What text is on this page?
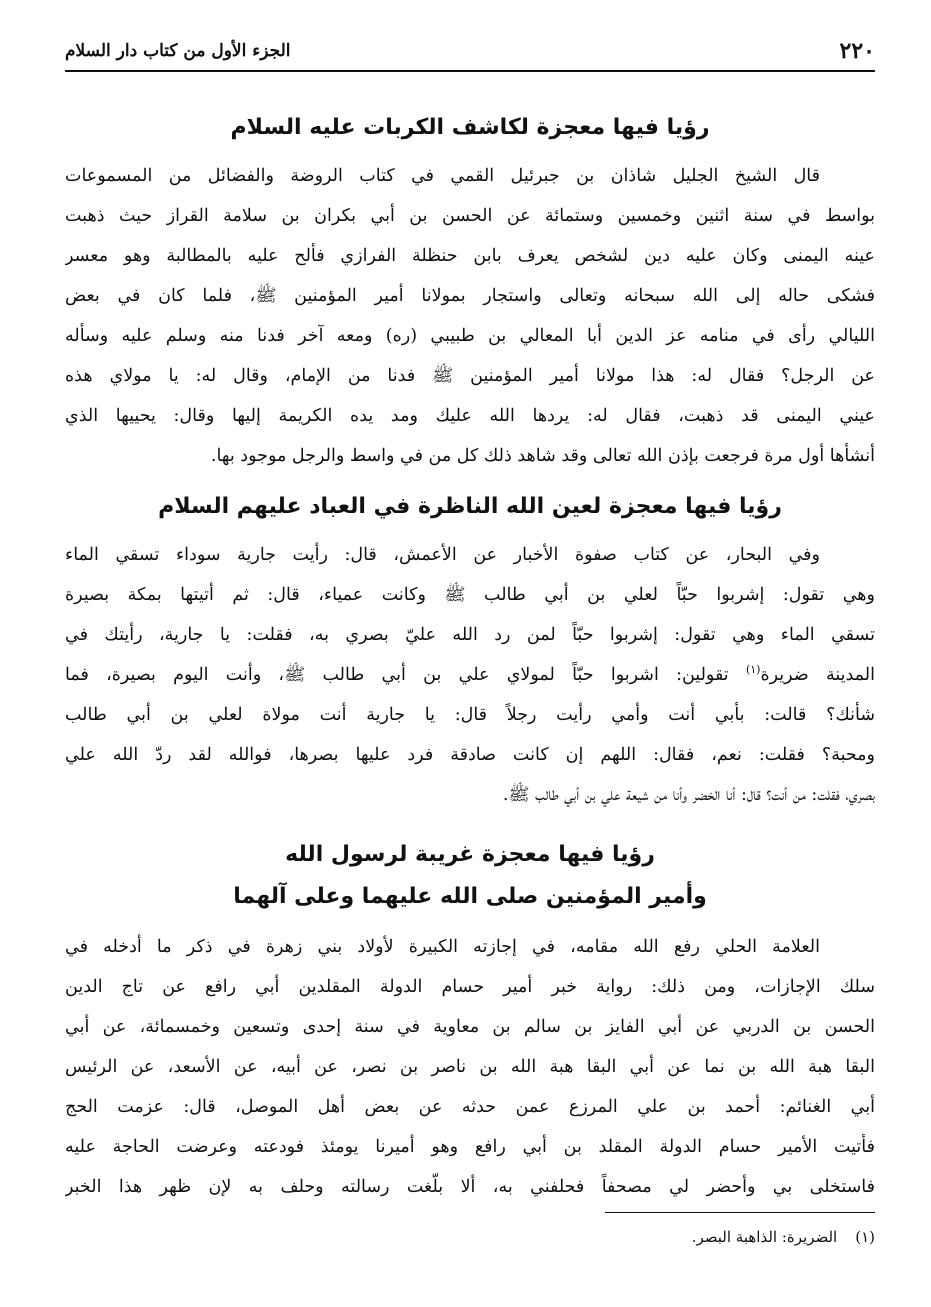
٢٢٠
الجزء الأول من كتاب دار السلام
رؤيا فيها معجزة لكاشف الكربات عليه السلام
قال الشيخ الجليل شاذان بن جبرئيل القمي في كتاب الروضة والفضائل من المسموعات
بواسط في سنة اثنين وخمسين وستمائة عن الحسن بن أبي بكران بن سلامة القراز حيث ذهبت
عينه اليمنى وكان عليه دين لشخص يعرف بابن حنظلة الفرازي فألح عليه بالمطالبة وهو معسر
فشكى حاله إلى الله سبحانه وتعالى واستجار بمولانا أمير المؤمنين ﷺ، فلما كان في بعض
الليالي رأى في منامه عز الدين أبا المعالي بن طبيبي (ره) ومعه آخر فدنا منه وسلم عليه وسأله
عن الرجل؟ فقال له: هذا مولانا أمير المؤمنين ﷺ فدنا من الإمام، وقال له: يا مولاي هذه
عيني اليمنى قد ذهبت، فقال له: يردها الله عليك ومد يده الكريمة إليها وقال: يحييها الذي
أنشأها أول مرة فرجعت بإذن الله تعالى وقد شاهد ذلك كل من في واسط والرجل موجود بها.
رؤيا فيها معجزة لعين الله الناظرة في العباد عليهم السلام
وفي البحار، عن كتاب صفوة الأخبار عن الأعمش، قال: رأيت جارية سوداء تسقي الماء
وهي تقول: إشربوا حبّاً لعلي بن أبي طالب ﷺ وكانت عمياء، قال: ثم أتيتها بمكة بصيرة
تسقي الماء وهي تقول: إشربوا حبّاً لمن رد الله عليّ بصري به، فقلت: يا جارية، رأيتك في
المدينة ضريرة$^{(١)}$ تقولين: اشربوا حبّاً لمولاي علي بن أبي طالب ﷺ، وأنت اليوم بصيرة، فما
شأنك؟ قالت: بأبي أنت وأمي رأيت رجلاً قال: يا جارية أنت مولاة لعلي بن أبي طالب
ومحبة؟ فقلت: نعم، فقال: اللهم إن كانت صادقة فرد عليها بصرها، فوالله لقد ردّ الله علي
بصري، فقلت: من أنت؟ قال: أنا الخضر وأنا من شيعة علي بن أبي طالب ﷺ.
رؤيا فيها معجزة غريبة لرسول الله
وأمير المؤمنين صلى الله عليهما وعلى آلهما
العلامة الحلي رفع الله مقامه، في إجازته الكبيرة لأولاد بني زهرة في ذكر ما أدخله في
سلك الإجازات، ومن ذلك: رواية خبر أمير حسام الدولة المقلدين أبي رافع عن تاج الدين
الحسن بن الدربي عن أبي الفايز بن سالم بن معاوية في سنة إحدى وتسعين وخمسمائة، عن أبي
البقا هبة الله بن نما عن أبي البقا هبة الله بن ناصر بن نصر، عن أبيه، عن الأسعد، عن الرئيس
أبي الغنائم: أحمد بن علي المرزع عمن حدثه عن بعض أهل الموصل، قال: عزمت الحج
فأتيت الأمير حسام الدولة المقلد بن أبي رافع وهو أميرنا يومئذ فودعته وعرضت الحاجة عليه
فاستخلى بي وأحضر لي مصحفاً فحلفني به، ألا بلّغت رسالته وحلف به لإن ظهر هذا الخبر
(١)الضريرة: الذاهبة البصر.
